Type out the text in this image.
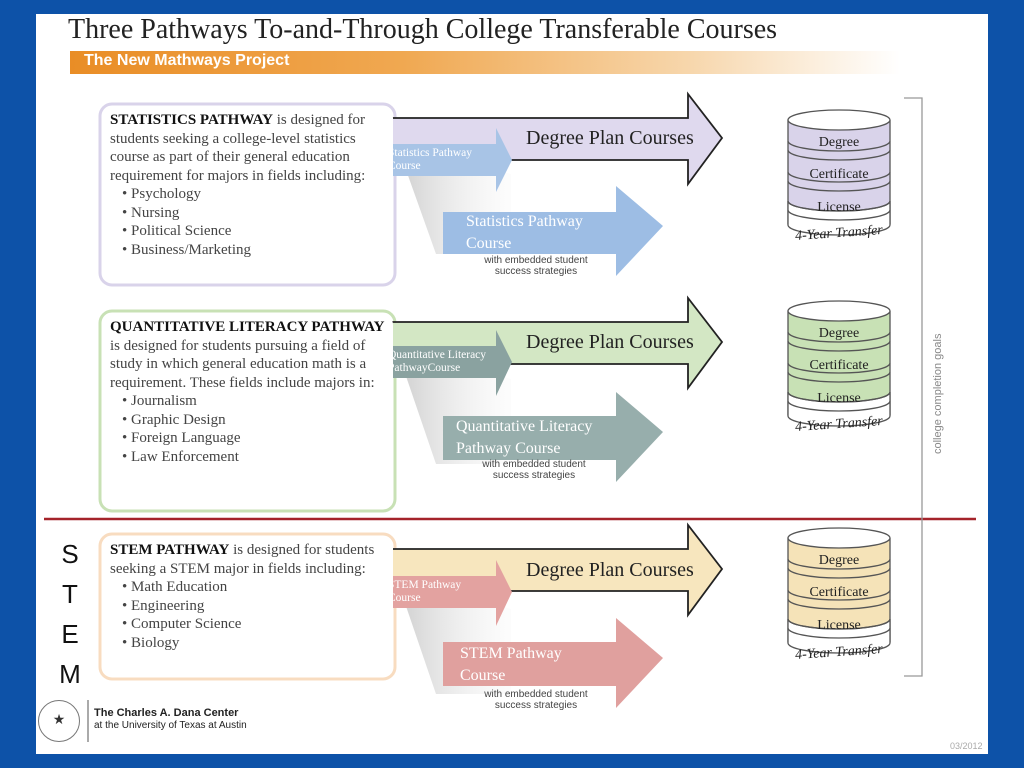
Three Pathways To-and-Through College Transferable Courses
The New Mathways Project

STATISTICS PATHWAY is designed for students seeking a college-level statistics course as part of their general education requirement for majors in fields including:

• Psychology
• Nursing
• Political Science
• Business/Marketing

QUANTITATIVE LITERACY PATHWAY is designed for students pursuing a field of study in which general education math is a requirement. These fields include majors in:

• Journalism
• Graphic Design
• Foreign Language
• Law Enforcement

STEM PATHWAY is designed for students seeking a STEM major in fields including:

• Math Education
• Engineering
• Computer Science
• Biology
Statistics Pathway Course
Degree Plan Courses
Statistics Pathway Course
with embedded student success strategies
Degree
Certificate
License
4-Year Transfer
Quantitative Literacy PathwayCourse
Degree Plan Courses
Quantitative Literacy Pathway Course
with embedded student success strategies
Degree
Certificate
License
4-Year Transfer
STEM Pathway Course
Degree Plan Courses
STEM Pathway Course
with embedded student success strategies
Degree
Certificate
License
4-Year Transfer
S
T
E
M
college completion goals
★	The Charles A. Dana Center
at the University of Texas at Austin
03/2012
